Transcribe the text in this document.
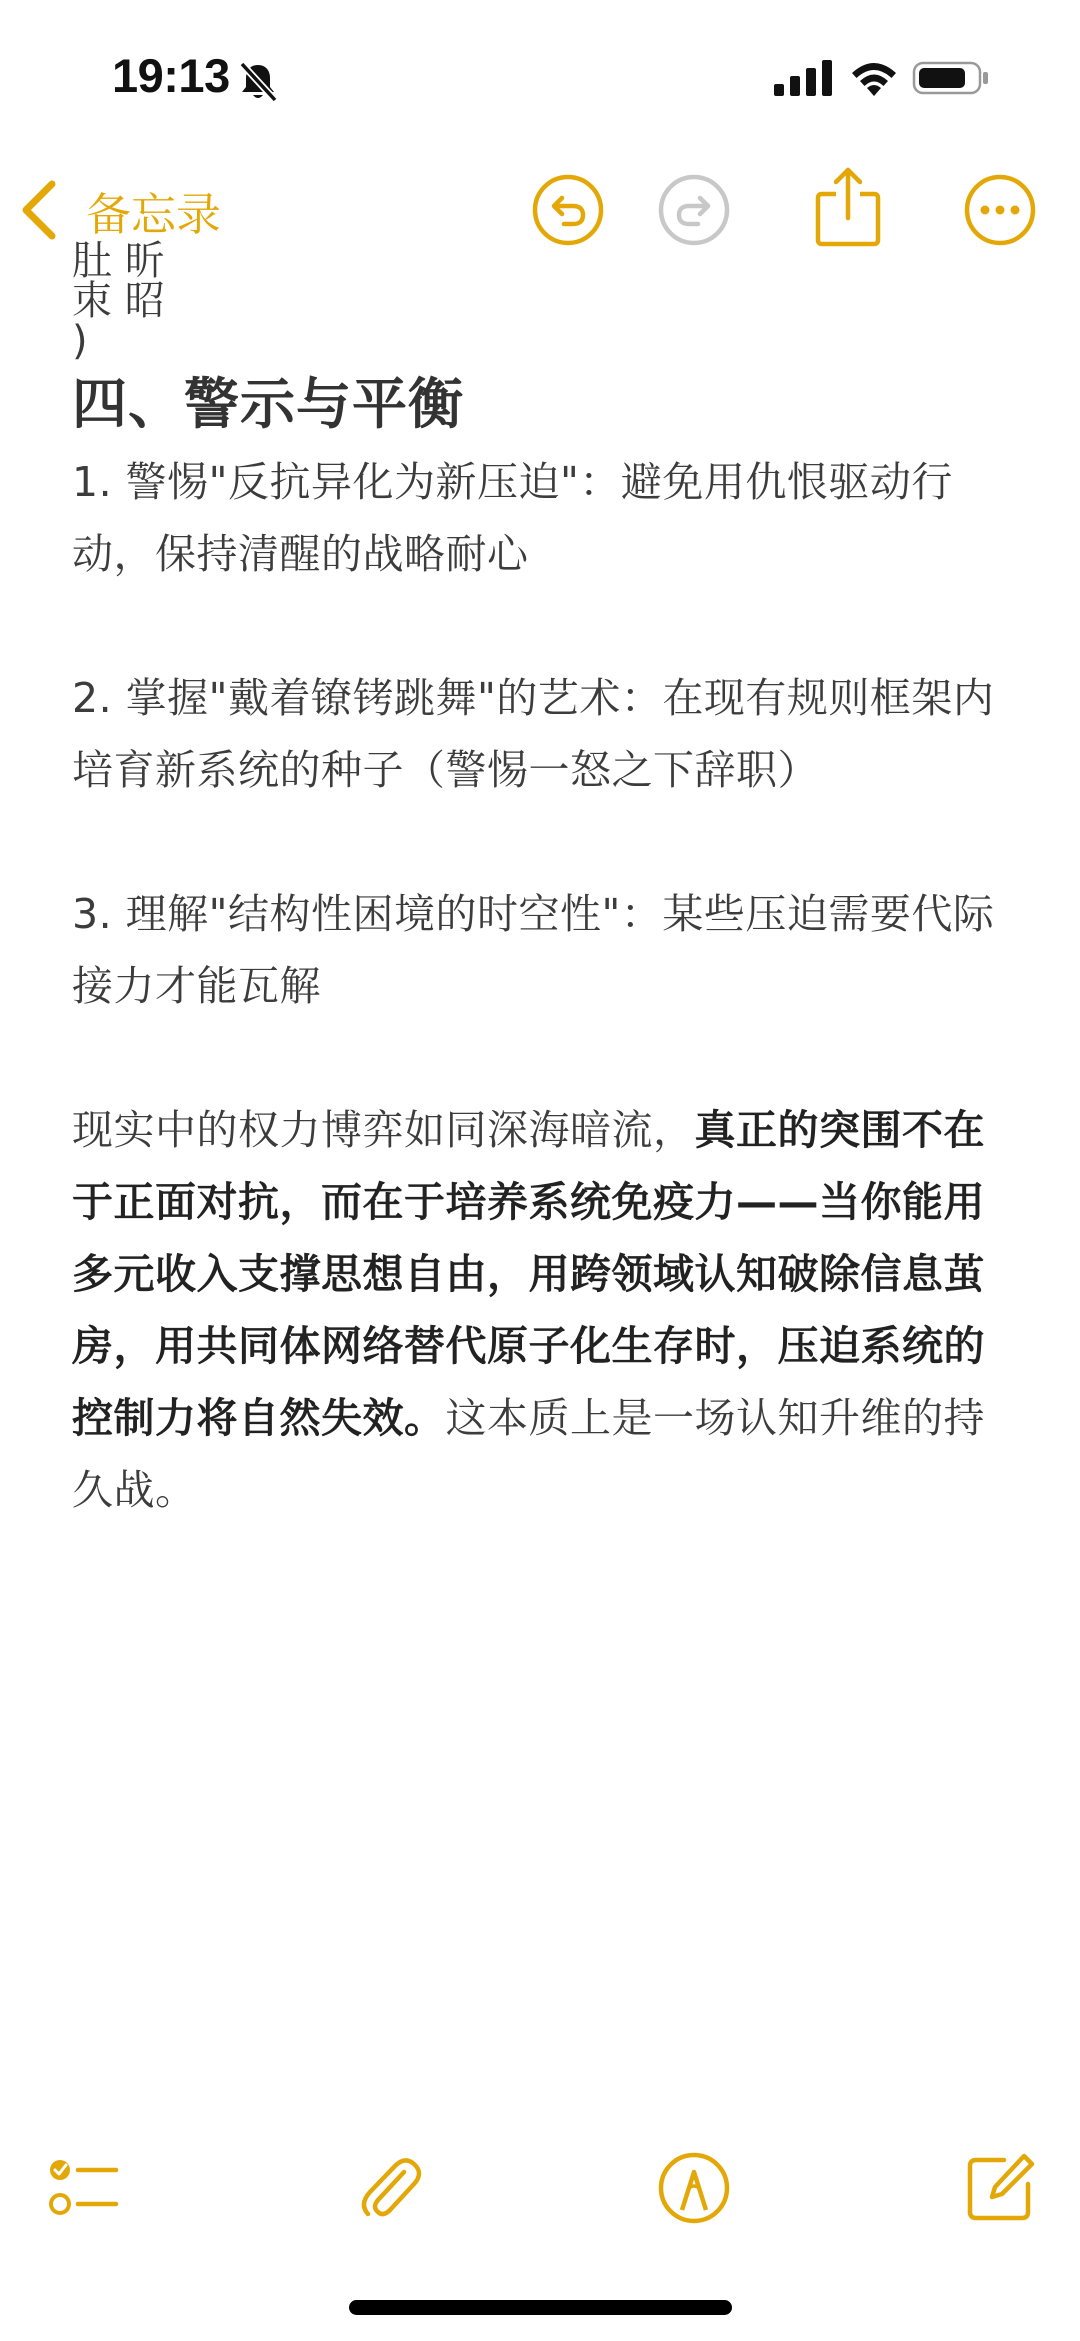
19:13
备忘录
肚 昕 朿 昭 )
四、警示与平衡

1. 警惕"反抗异化为新压迫"：避免用仇恨驱动行动，保持清醒的战略耐心

2. 掌握"戴着镣铐跳舞"的艺术：在现有规则框架内培育新系统的种子（警惕一怒之下辞职）

3. 理解"结构性困境的时空性"：某些压迫需要代际接力才能瓦解

现实中的权力博弈如同深海暗流，真正的突围不在于正面对抗，而在于培养系统免疫力——当你能用多元收入支撑思想自由，用跨领域认知破除信息茧房，用共同体网络替代原子化生存时，压迫系统的控制力将自然失效。这本质上是一场认知升维的持久战。
